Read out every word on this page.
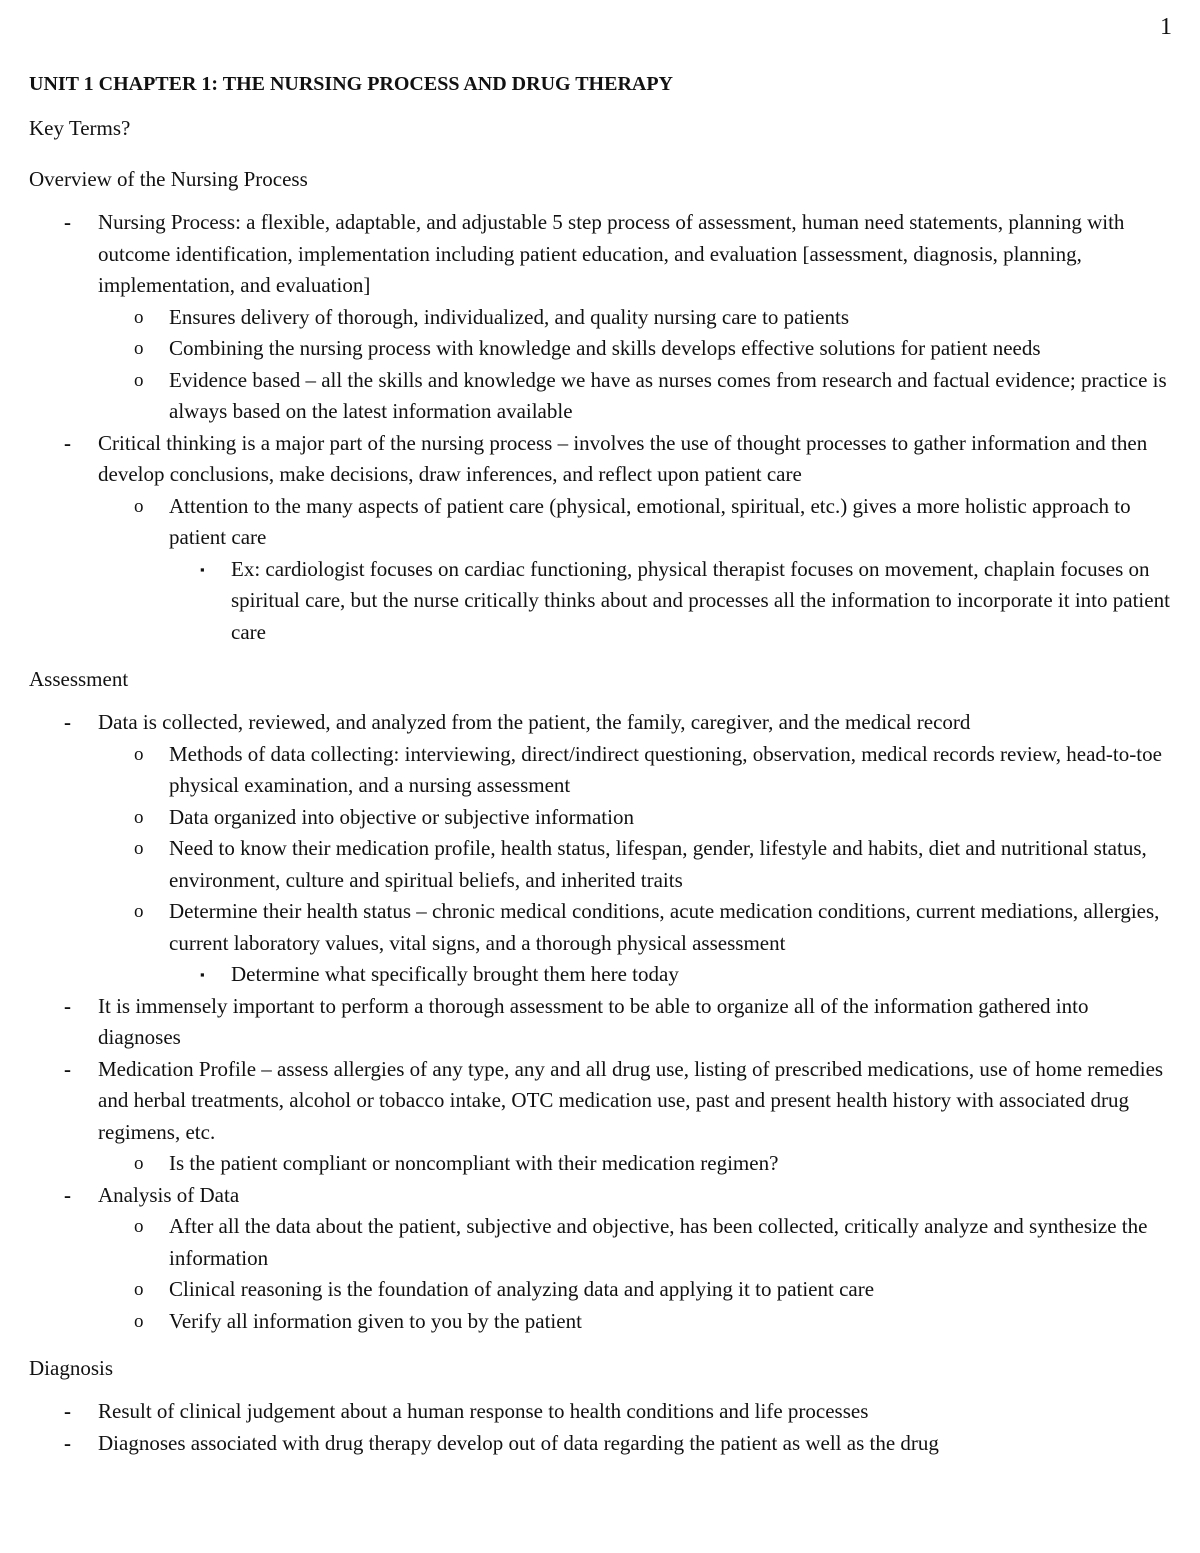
1
UNIT 1 CHAPTER 1: THE NURSING PROCESS AND DRUG THERAPY

Key Terms?

Overview of the Nursing Process

- Nursing Process: a flexible, adaptable, and adjustable 5 step process of assessment, human need statements, planning with outcome identification, implementation including patient education, and evaluation [assessment, diagnosis, planning, implementation, and evaluation]
o Ensures delivery of thorough, individualized, and quality nursing care to patients
o Combining the nursing process with knowledge and skills develops effective solutions for patient needs
o Evidence based – all the skills and knowledge we have as nurses comes from research and factual evidence; practice is always based on the latest information available
- Critical thinking is a major part of the nursing process – involves the use of thought processes to gather information and then develop conclusions, make decisions, draw inferences, and reflect upon patient care
o Attention to the many aspects of patient care (physical, emotional, spiritual, etc.) gives a more holistic approach to patient care
▪ Ex: cardiologist focuses on cardiac functioning, physical therapist focuses on movement, chaplain focuses on spiritual care, but the nurse critically thinks about and processes all the information to incorporate it into patient care

Assessment

- Data is collected, reviewed, and analyzed from the patient, the family, caregiver, and the medical record
o Methods of data collecting: interviewing, direct/indirect questioning, observation, medical records review, head-to-toe physical examination, and a nursing assessment
o Data organized into objective or subjective information
o Need to know their medication profile, health status, lifespan, gender, lifestyle and habits, diet and nutritional status, environment, culture and spiritual beliefs, and inherited traits
o Determine their health status – chronic medical conditions, acute medication conditions, current mediations, allergies, current laboratory values, vital signs, and a thorough physical assessment
▪ Determine what specifically brought them here today
- It is immensely important to perform a thorough assessment to be able to organize all of the information gathered into diagnoses
- Medication Profile – assess allergies of any type, any and all drug use, listing of prescribed medications, use of home remedies and herbal treatments, alcohol or tobacco intake, OTC medication use, past and present health history with associated drug regimens, etc.
o Is the patient compliant or noncompliant with their medication regimen?
- Analysis of Data
o After all the data about the patient, subjective and objective, has been collected, critically analyze and synthesize the information
o Clinical reasoning is the foundation of analyzing data and applying it to patient care
o Verify all information given to you by the patient

Diagnosis

- Result of clinical judgement about a human response to health conditions and life processes
- Diagnoses associated with drug therapy develop out of data regarding the patient as well as the drug
